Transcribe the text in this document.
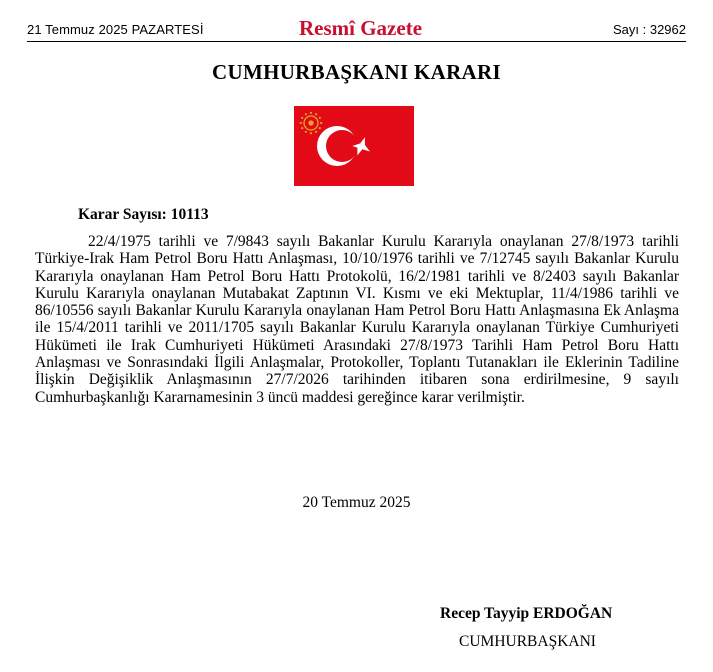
21 Temmuz 2025 PAZARTESİ	Resmî Gazete	Sayı : 32962
CUMHURBAŞKANI KARARI
Karar Sayısı: 10113

22/4/1975 tarihli ve 7/9843 sayılı Bakanlar Kurulu Kararıyla onaylanan 27/8/1973 tarihli Türkiye-Irak Ham Petrol Boru Hattı Anlaşması, 10/10/1976 tarihli ve 7/12745 sayılı Bakanlar Kurulu Kararıyla onaylanan Ham Petrol Boru Hattı Protokolü, 16/2/1981 tarihli ve 8/2403 sayılı Bakanlar Kurulu Kararıyla onaylanan Mutabakat Zaptının VI. Kısmı ve eki Mektuplar, 11/4/1986 tarihli ve 86/10556 sayılı Bakanlar Kurulu Kararıyla onaylanan Ham Petrol Boru Hattı Anlaşmasına Ek Anlaşma ile 15/4/2011 tarihli ve 2011/1705 sayılı Bakanlar Kurulu Kararıyla onaylanan Türkiye Cumhuriyeti Hükümeti ile Irak Cumhuriyeti Hükümeti Arasındaki 27/8/1973 Tarihli Ham Petrol Boru Hattı Anlaşması ve Sonrasındaki İlgili Anlaşmalar, Protokoller, Toplantı Tutanakları ile Eklerinin Tadiline İlişkin Değişiklik Anlaşmasının 27/7/2026 tarihinden itibaren sona erdirilmesine, 9 sayılı Cumhurbaşkanlığı Kararnamesinin 3 üncü maddesi gereğince karar verilmiştir.

20 Temmuz 2025
Recep Tayyip ERDOĞAN
CUMHURBAŞKANI
